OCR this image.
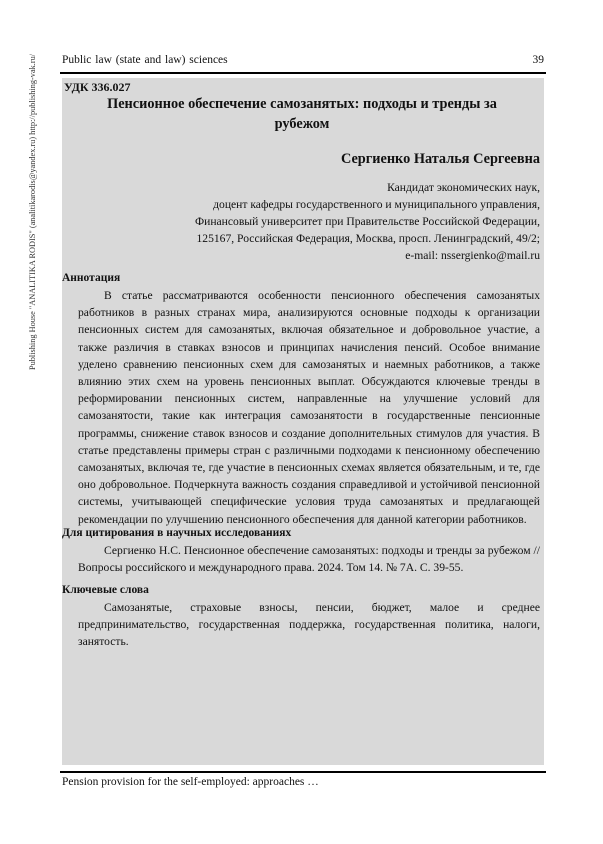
Public law (state and law) sciences	39
Publishing House "ANALITIKA RODIS" (analitikarodis@yandex.ru) http://publishing-vak.ru/ УДК 336.027
Пенсионное обеспечение самозанятых: подходы и тренды за рубежом
Сергиенко Наталья Сергеевна
Кандидат экономических наук,
доцент кафедры государственного и муниципального управления,
Финансовый университет при Правительстве Российской Федерации,
125167, Российская Федерация, Москва, просп. Ленинградский, 49/2;
e-mail: nssergienko@mail.ru
Аннотация
В статье рассматриваются особенности пенсионного обеспечения самозанятых работников в разных странах мира, анализируются основные подходы к организации пенсионных систем для самозанятых, включая обязательное и добровольное участие, а также различия в ставках взносов и принципах начисления пенсий. Особое внимание уделено сравнению пенсионных схем для самозанятых и наемных работников, а также влиянию этих схем на уровень пенсионных выплат. Обсуждаются ключевые тренды в реформировании пенсионных систем, направленные на улучшение условий для самозанятости, такие как интеграция самозанятости в государственные пенсионные программы, снижение ставок взносов и создание дополнительных стимулов для участия. В статье представлены примеры стран с различными подходами к пенсионному обеспечению самозанятых, включая те, где участие в пенсионных схемах является обязательным, и те, где оно добровольное. Подчеркнута важность создания справедливой и устойчивой пенсионной системы, учитывающей специфические условия труда самозанятых и предлагающей рекомендации по улучшению пенсионного обеспечения для данной категории работников.
Для цитирования в научных исследованиях
Сергиенко Н.С. Пенсионное обеспечение самозанятых: подходы и тренды за рубежом // Вопросы российского и международного права. 2024. Том 14. № 7А. С. 39-55.
Ключевые слова
Самозанятые, страховые взносы, пенсии, бюджет, малое и среднее предпринимательство, государственная поддержка, государственная политика, налоги, занятость.
Pension provision for the self-employed: approaches …
